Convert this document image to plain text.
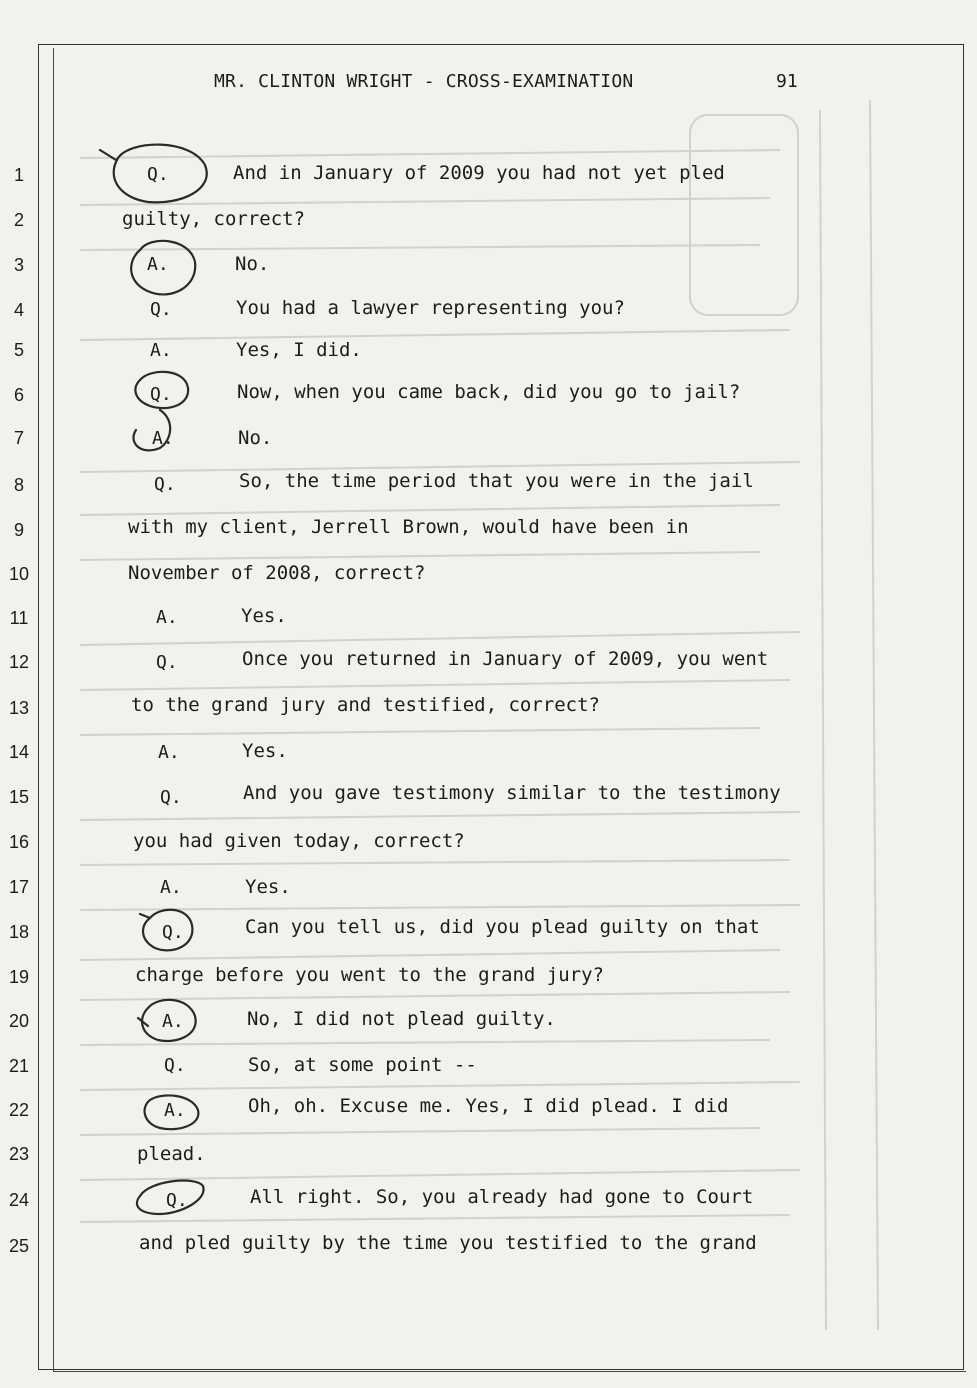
MR. CLINTON WRIGHT - CROSS-EXAMINATION	91
1
2
3
4
5
6
7
8
9
10
11
12
13
14
15
16
17
18
19
20
21
22
23
24
25
Q.
A.
Q.
A.
Q.
A.
Q.
A.
Q.
A.
Q.
A.
Q.
A.
Q.
A.
Q.
And in January of 2009 you had not yet pled
guilty, correct?
No.
You had a lawyer representing you?
Yes, I did.
Now, when you came back, did you go to jail?
No.
So, the time period that you were in the jail
with my client, Jerrell Brown, would have been in
November of 2008, correct?
Yes.
Once you returned in January of 2009, you went
to the grand jury and testified, correct?
Yes.
And you gave testimony similar to the testimony
you had given today, correct?
Yes.
Can you tell us, did you plead guilty on that
charge before you went to the grand jury?
No, I did not plead guilty.
So, at some point --
Oh, oh. Excuse me. Yes, I did plead. I did
plead.
All right. So, you already had gone to Court
and pled guilty by the time you testified to the grand
